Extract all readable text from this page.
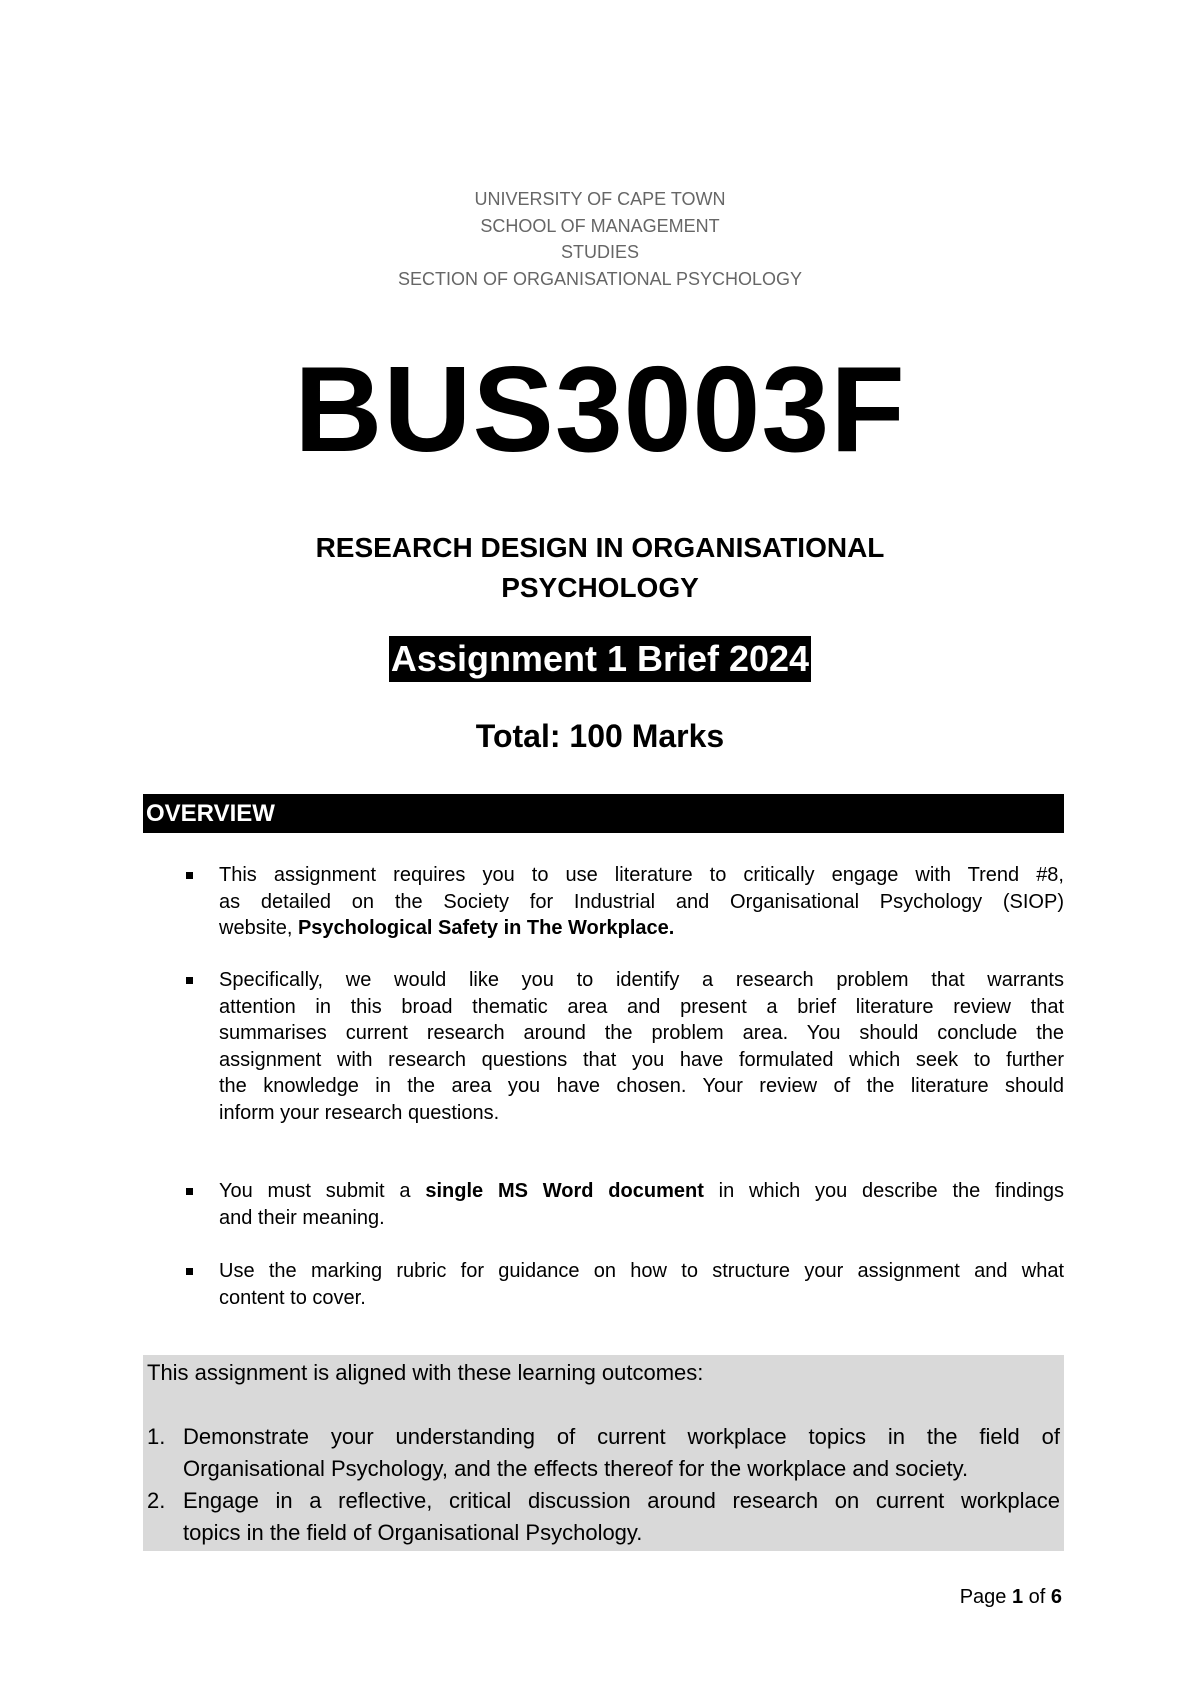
UNIVERSITY OF CAPE TOWN
SCHOOL OF MANAGEMENT
STUDIES
SECTION OF ORGANISATIONAL PSYCHOLOGY
BUS3003F
RESEARCH DESIGN IN ORGANISATIONAL
PSYCHOLOGY
Assignment 1 Brief 2024
Total: 100 Marks
OVERVIEW
This assignment requires you to use literature to critically engage with Trend #8,
as detailed on the Society for Industrial and Organisational Psychology (SIOP)
website, Psychological Safety in The Workplace.
Specifically, we would like you to identify a research problem that warrants
attention in this broad thematic area and present a brief literature review that
summarises current research around the problem area. You should conclude the
assignment with research questions that you have formulated which seek to further
the knowledge in the area you have chosen. Your review of the literature should
inform your research questions.
You must submit a single MS Word document in which you describe the findings
and their meaning.
Use the marking rubric for guidance on how to structure your assignment and what
content to cover.
This assignment is aligned with these learning outcomes:
1. Demonstrate your understanding of current workplace topics in the field of
Organisational Psychology, and the effects thereof for the workplace and society.
2. Engage in a reflective, critical discussion around research on current workplace
topics in the field of Organisational Psychology.
Page 1 of 6
